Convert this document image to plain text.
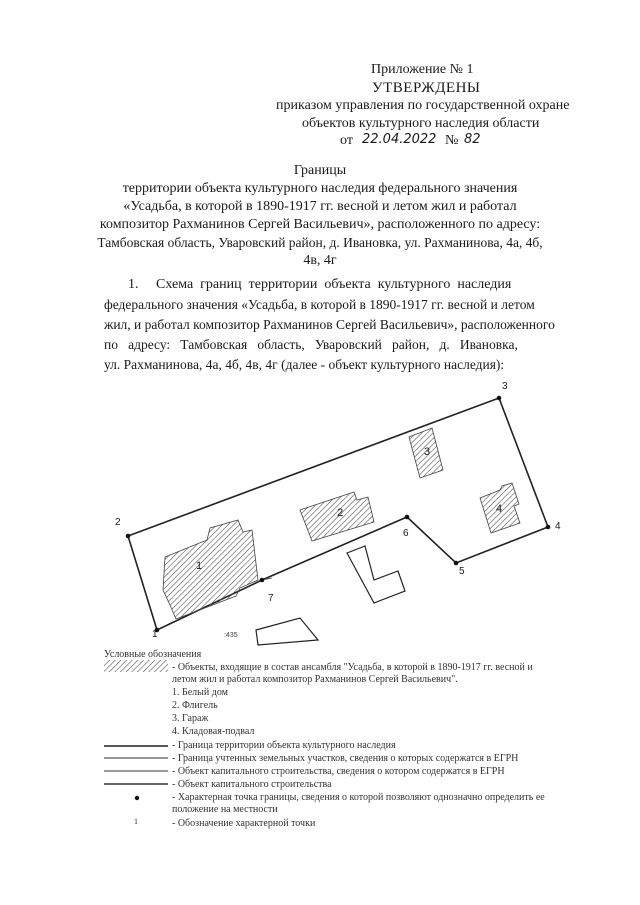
Приложение № 1
УТВЕРЖДЕНЫ
приказом управления по государственной охране
объектов культурного наследия области
от 22.04.2022 № 82
Границы
территории объекта культурного наследия федерального значения
«Усадьба, в которой в 1890-1917 гг. весной и летом жил и работал
композитор Рахманинов Сергей Васильевич», расположенного по адресу:
Тамбовская область, Уваровский район, д. Ивановка, ул. Рахманинова, 4а, 4б,
4в, 4г
1.     Схема  границ  территории  объекта  культурного  наследия
федерального значения «Усадьба, в которой в 1890-1917 гг. весной и летом
жил, и работал композитор Рахманинов Сергей Васильевич», расположенного
по   адресу:   Тамбовская   область,   Уваровский   район,   д.   Ивановка,
ул. Рахманинова, 4а, 4б, 4в, 4г (далее - объект культурного наследия):
1
2
3
4
5
6
7
1
2
3
4
:435
Условные обозначения
- Объекты, входящие в состав ансамбля "Усадьба, в которой в 1890-1917 гг. весной и
летом жил и работал композитор Рахманинов Сергей Васильевич".
1. Белый дом
2. Флигель
3. Гараж
4. Кладовая-подвал
- Граница территории объекта культурного наследия
- Граница учтенных земельных участков, сведения о которых содержатся в ЕГРН
- Объект капитального строительства, сведения о котором содержатся в ЕГРН
- Объект капитального строительства
- Характерная точка границы, сведения о которой позволяют однозначно определить ее
положение на местности
1	- Обозначение характерной точки
